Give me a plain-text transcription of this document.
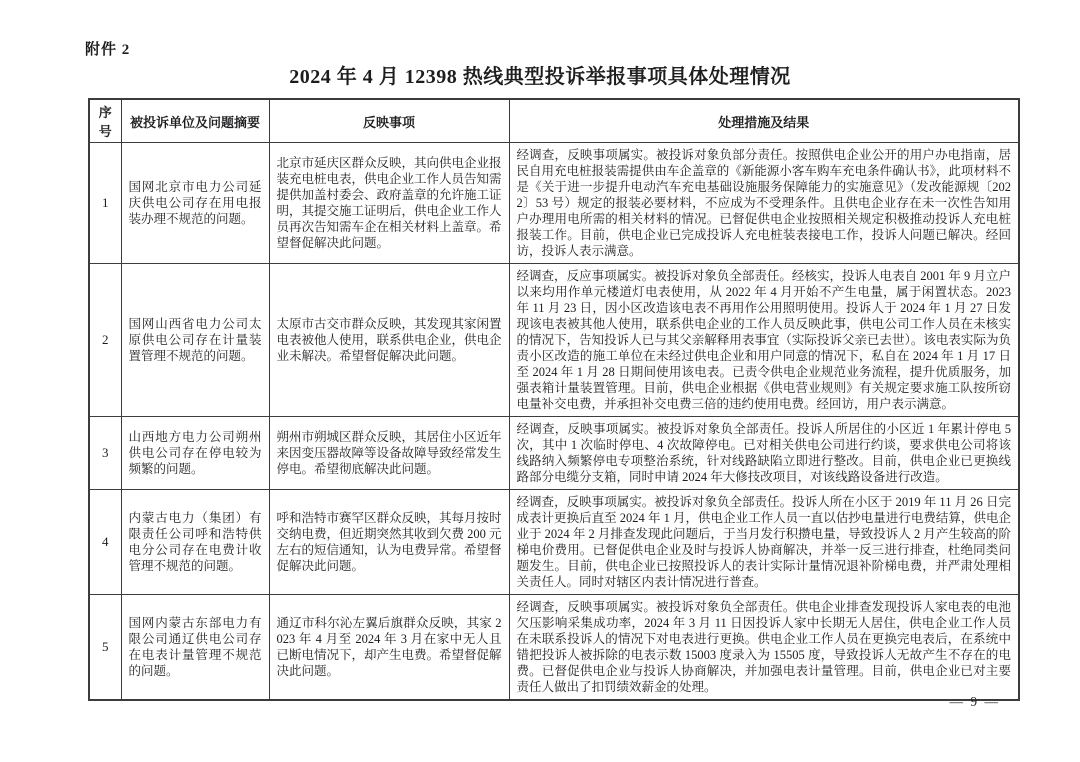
附件 2
2024 年 4 月 12398 热线典型投诉举报事项具体处理情况
序号	被投诉单位及问题摘要	反映事项	处理措施及结果
1	国网北京市电力公司延庆供电公司存在用电报装办理不规范的问题。	北京市延庆区群众反映，其向供电企业报装充电桩电表，供电企业工作人员告知需提供加盖村委会、政府盖章的允许施工证明，其提交施工证明后，供电企业工作人员再次告知需车企在相关材料上盖章。希望督促解决此问题。	经调查，反映事项属实。被投诉对象负部分责任。按照供电企业公开的用户办电指南，居民自用充电桩报装需提供由车企盖章的《新能源小客车购车充电条件确认书》，此项材料不是《关于进一步提升电动汽车充电基础设施服务保障能力的实施意见》（发改能源规〔2022〕53 号）规定的报装必要材料，不应成为不受理条件。且供电企业存在未一次性告知用户办理用电所需的相关材料的情况。已督促供电企业按照相关规定积极推动投诉人充电桩报装工作。目前，供电企业已完成投诉人充电桩装表接电工作，投诉人问题已解决。经回访，投诉人表示满意。
2	国网山西省电力公司太原供电公司存在计量装置管理不规范的问题。	太原市古交市群众反映，其发现其家闲置电表被他人使用，联系供电企业，供电企业未解决。希望督促解决此问题。	经调查，反应事项属实。被投诉对象负全部责任。经核实，投诉人电表自 2001 年 9 月立户以来均用作单元楼道灯电表使用，从 2022 年 4 月开始不产生电量，属于闲置状态。2023 年 11 月 23 日，因小区改造该电表不再用作公用照明使用。投诉人于 2024 年 1 月 27 日发现该电表被其他人使用，联系供电企业的工作人员反映此事，供电公司工作人员在未核实的情况下，告知投诉人已与其父亲解释用表事宜（实际投诉父亲已去世）。该电表实际为负责小区改造的施工单位在未经过供电企业和用户同意的情况下，私自在 2024 年 1 月 17 日至 2024 年 1 月 28 日期间使用该电表。已责令供电企业规范业务流程，提升优质服务，加强表箱计量装置管理。目前，供电企业根据《供电营业规则》有关规定要求施工队按所窃电量补交电费，并承担补交电费三倍的违约使用电费。经回访，用户表示满意。
3	山西地方电力公司朔州供电公司存在停电较为频繁的问题。	朔州市朔城区群众反映，其居住小区近年来因变压器故障等设备故障导致经常发生停电。希望彻底解决此问题。	经调查，反映事项属实。被投诉对象负全部责任。投诉人所居住的小区近 1 年累计停电 5 次，其中 1 次临时停电、4 次故障停电。已对相关供电公司进行约谈，要求供电公司将该线路纳入频繁停电专项整治系统，针对线路缺陷立即进行整改。目前，供电企业已更换线路部分电缆分支箱，同时申请 2024 年大修技改项目，对该线路设备进行改造。
4	内蒙古电力（集团）有限责任公司呼和浩特供电分公司存在电费计收管理不规范的问题。	呼和浩特市赛罕区群众反映，其每月按时交纳电费，但近期突然其收到欠费 200 元左右的短信通知，认为电费异常。希望督促解决此问题。	经调查，反映事项属实。被投诉对象负全部责任。投诉人所在小区于 2019 年 11 月 26 日完成表计更换后直至 2024 年 1 月，供电企业工作人员一直以估抄电量进行电费结算，供电企业于 2024 年 2 月排查发现此问题后，于当月发行积攒电量，导致投诉人 2 月产生较高的阶梯电价费用。已督促供电企业及时与投诉人协商解决，并举一反三进行排查，杜绝同类问题发生。目前，供电企业已按照投诉人的表计实际计量情况退补阶梯电费，并严肃处理相关责任人。同时对辖区内表计情况进行普查。
5	国网内蒙古东部电力有限公司通辽供电公司存在电表计量管理不规范的问题。	通辽市科尔沁左翼后旗群众反映，其家 2023 年 4 月至 2024 年 3 月在家中无人且已断电情况下，却产生电费。希望督促解决此问题。	经调查，反映事项属实。被投诉对象负全部责任。供电企业排查发现投诉人家电表的电池欠压影响采集成功率，2024 年 3 月 11 日因投诉人家中长期无人居住，供电企业工作人员在未联系投诉人的情况下对电表进行更换。供电企业工作人员在更换完电表后，在系统中错把投诉人被拆除的电表示数 15003 度录入为 15505 度，导致投诉人无故产生不存在的电费。已督促供电企业与投诉人协商解决，并加强电表计量管理。目前，供电企业已对主要责任人做出了扣罚绩效薪金的处理。
— 9 —
